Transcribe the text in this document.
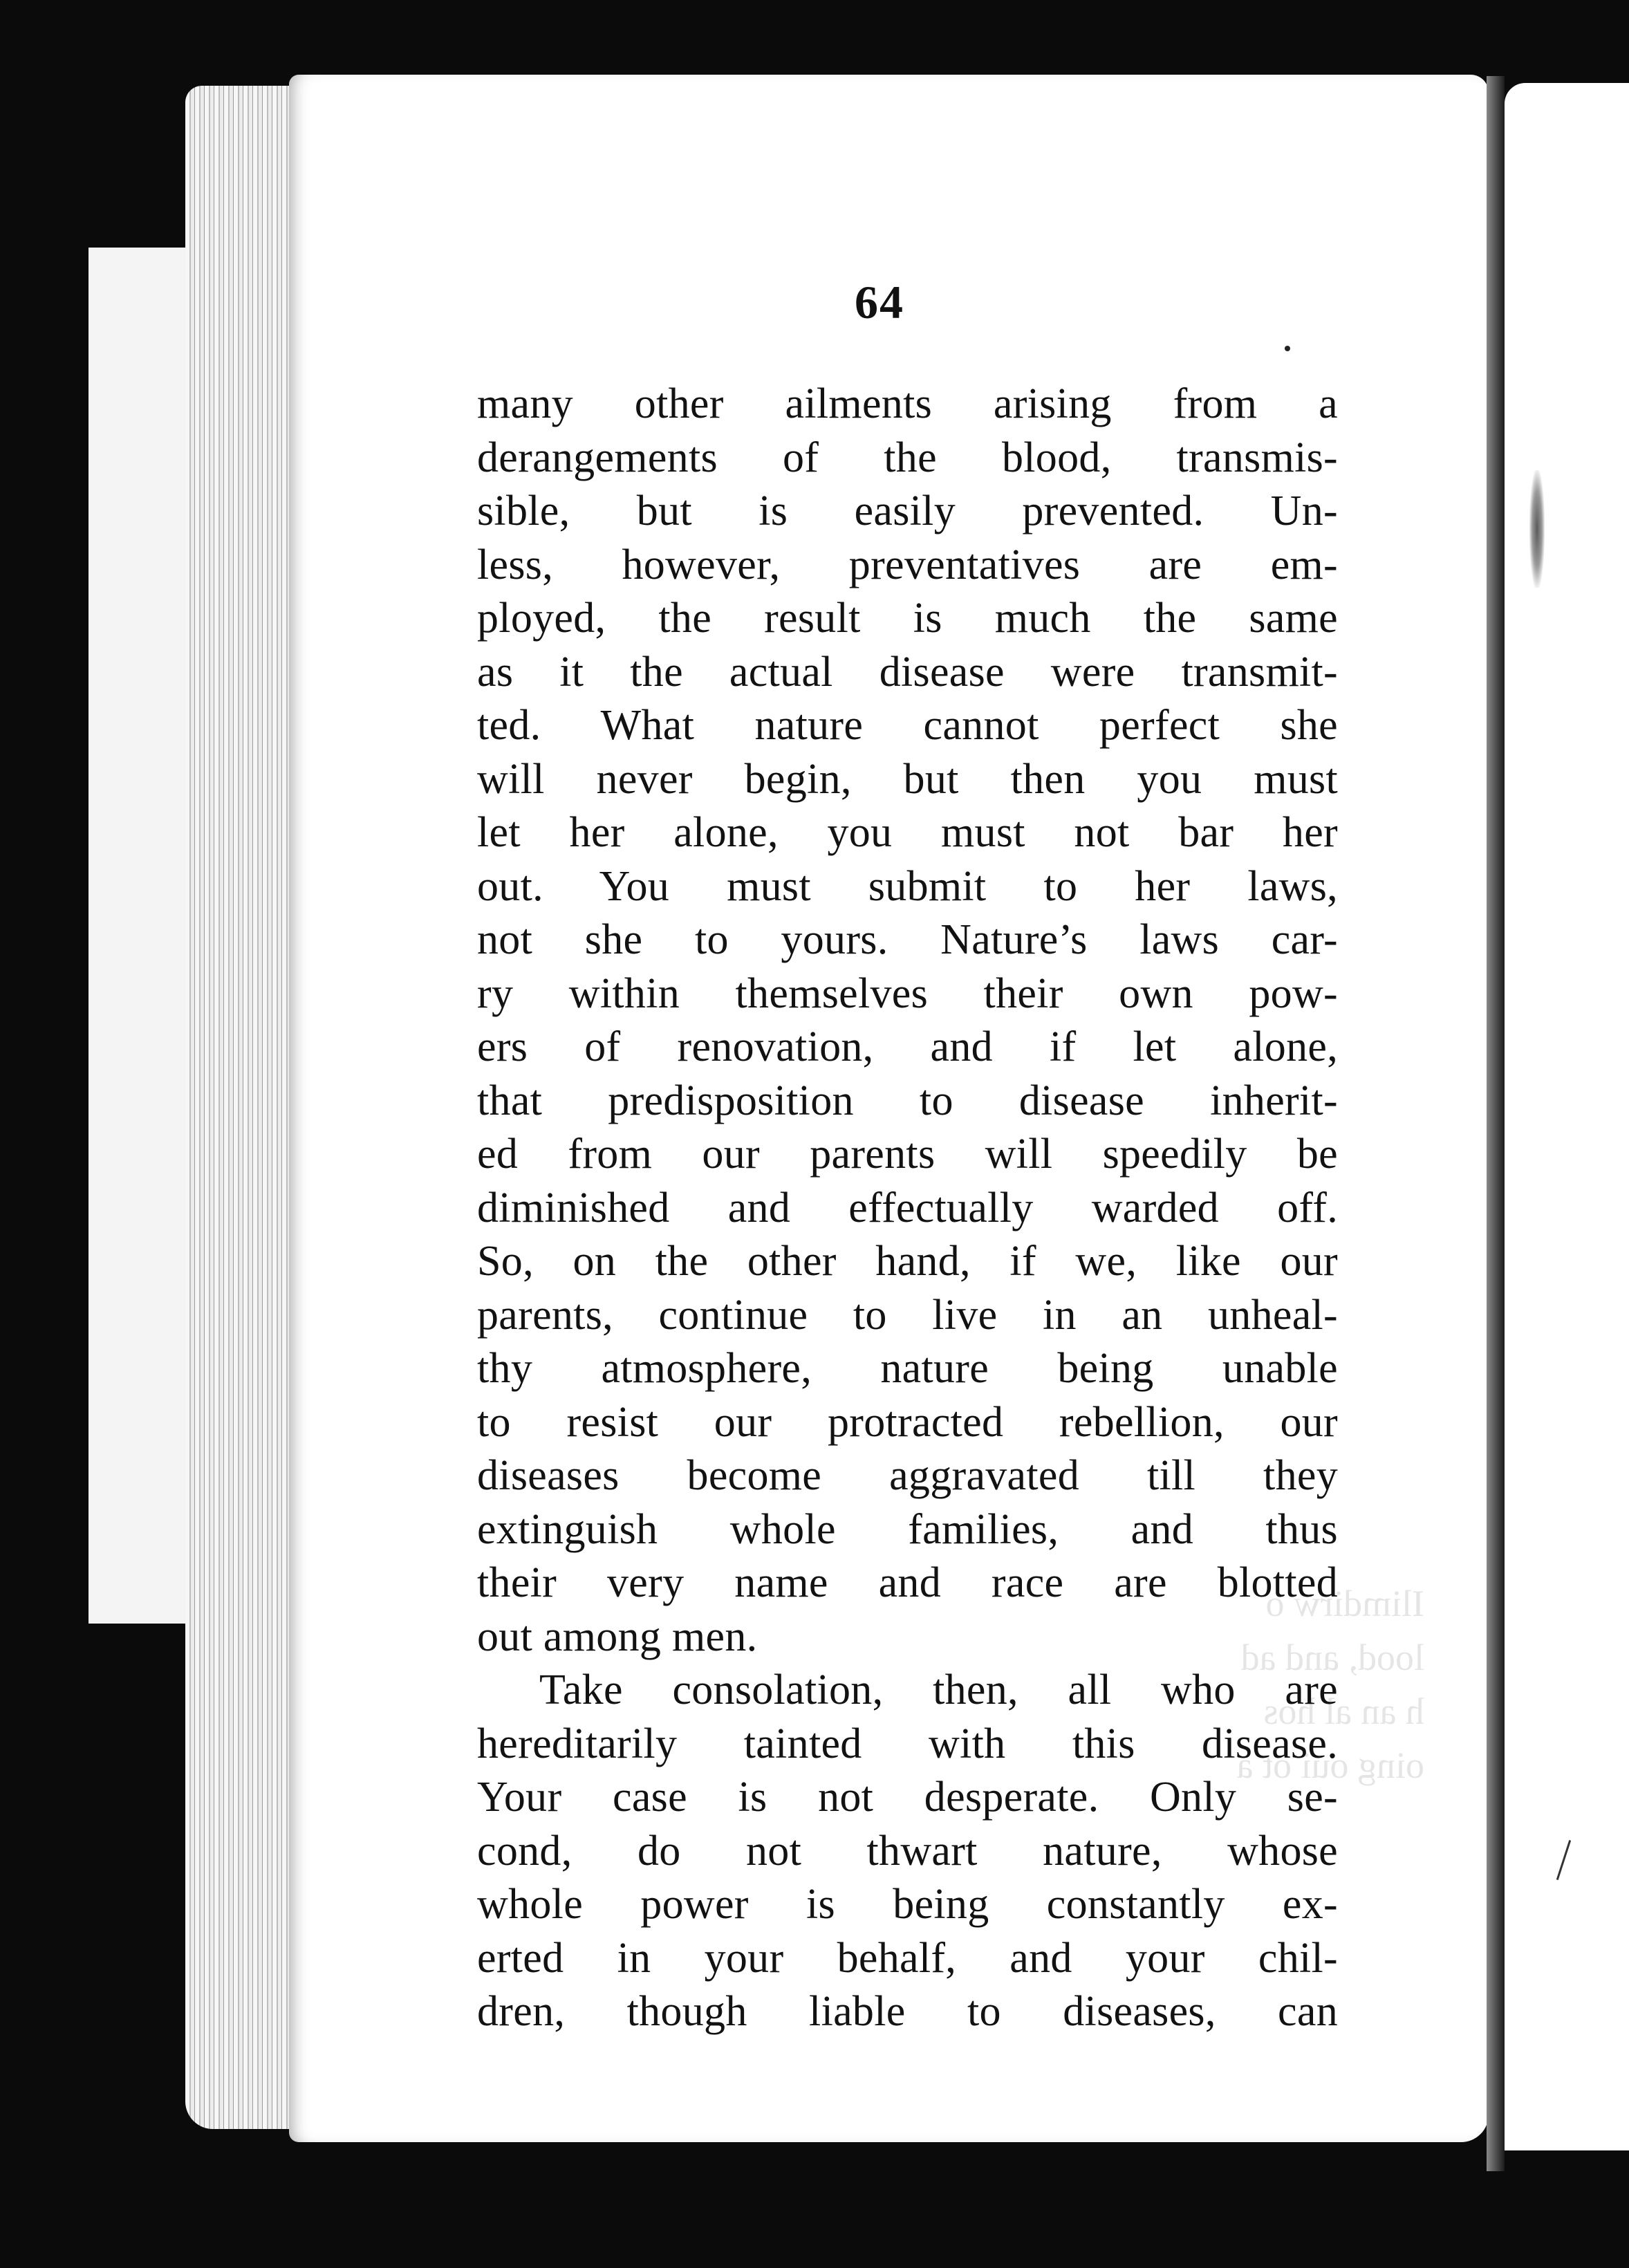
Ilimdirw o
lood, and ad
h an al hos
oing oui ot a
64
many other ailments arising from a
derangements of the blood, transmis-
sible, but is easily prevented. Un-
less, however, preventatives are em-
ployed, the result is much the same
as it the actual disease were transmit-
ted. What nature cannot perfect she
will never begin, but then you must
let her alone, you must not bar her
out. You must submit to her laws,
not she to yours. Nature’s laws car-
ry within themselves their own pow-
ers of renovation, and if let alone,
that predisposition to disease inherit-
ed from our parents will speedily be
diminished and effectually warded off.
So, on the other hand, if we, like our
parents, continue to live in an unheal-
thy atmosphere, nature being unable
to resist our protracted rebellion, our
diseases become aggravated till they
extinguish whole families, and thus
their very name and race are blotted
out among men.
Take consolation, then, all who are
hereditarily tainted with this disease.
Your case is not desperate. Only se-
cond, do not thwart nature, whose
whole power is being constantly ex-
erted in your behalf, and your chil-
dren, though liable to diseases, can
